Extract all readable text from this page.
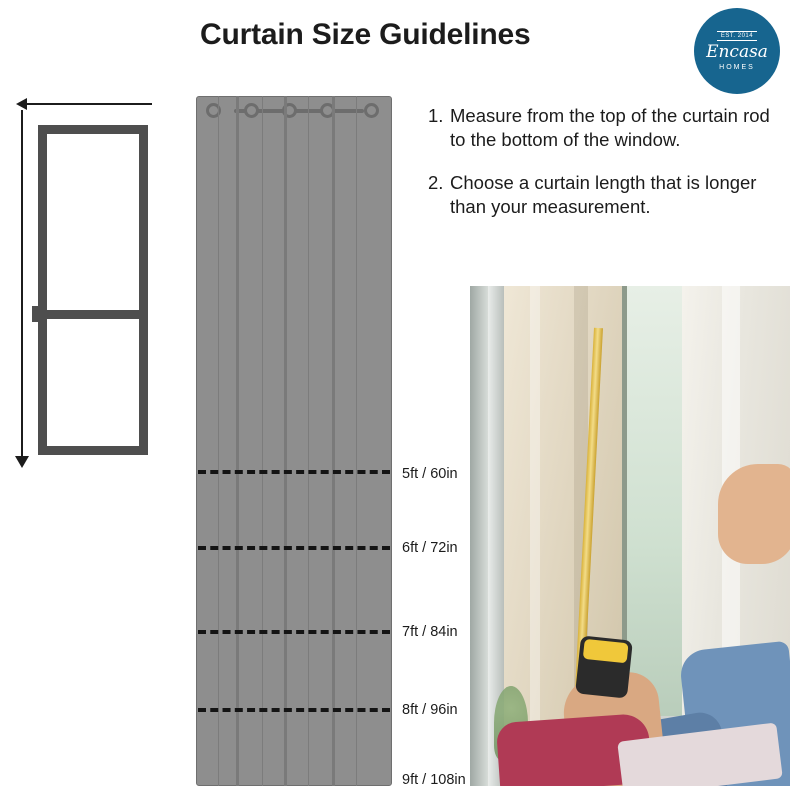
Curtain Size Guidelines	EST. 2014
Encasa
HOMES
5ft / 60in
6ft / 72in
7ft / 84in
8ft / 96in
9ft / 108in
1. Measure from the top of the curtain rod to the bottom of the window.
2. Choose a curtain length that is longer than your measurement.
